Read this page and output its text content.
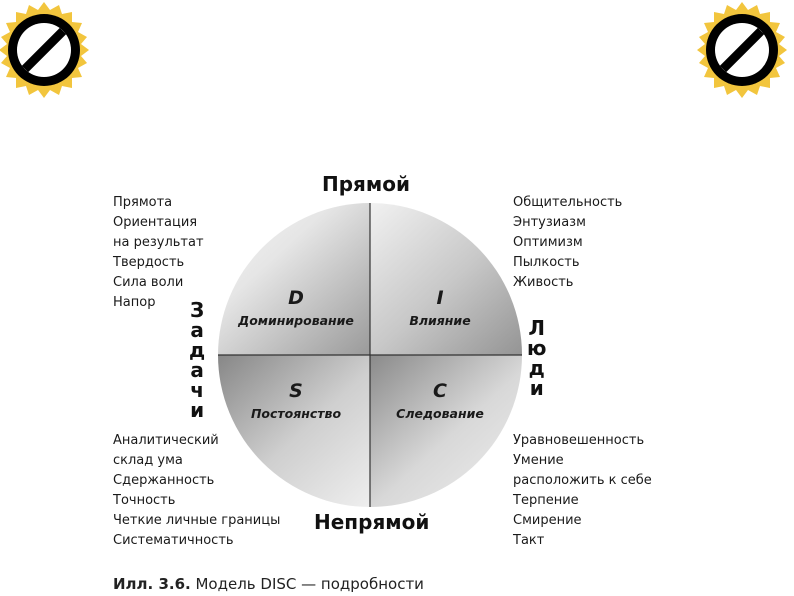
Прямой
Непрямой
З
а
д
а
ч
и
Л
ю
д
и
Прямота
Ориентация
на результат
Твердость
Сила воли
Напор
Общительность
Энтузиазм
Оптимизм
Пылкость
Живость
Аналитический
склад ума
Сдержанность
Точность
Четкие личные границы
Систематичность
Уравновешенность
Умение
расположить к себе
Терпение
Смирение
Такт
D
Доминирование
I
Влияние
S
Постоянство
C
Следование
Илл. 3.6. Модель DISC — подробности
